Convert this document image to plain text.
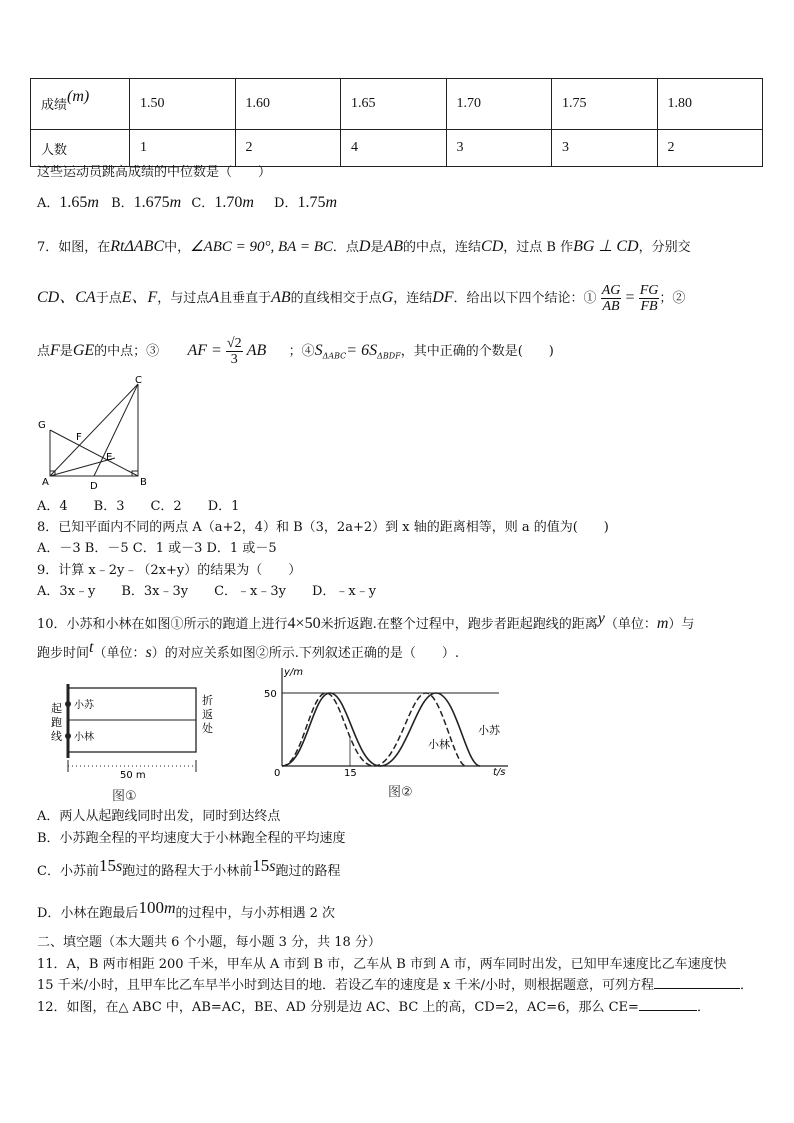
成绩(m)	1.50	1.60	1.65	1.70	1.75	1.80
人数	1	2	4	3	3	2
这些运动员跳高成绩的中位数是（　　）
A．1.65m B．1.675m C．1.70m D．1.75m
7．如图，在RtΔABC中，∠ABC = 90°, BA = BC．点D是AB的中点，连结CD，过点 B 作BG ⊥ CD，分别交
CD、CA于点E、F，与过点A且垂直于AB的直线相交于点G，连结DF．给出以下四个结论：① $\frac{AG}{AB} = \frac{FG}{FB}$ ；②
点F是GE的中点；③ AF = $\frac{√2}{3}$ AB ；$④S_{\Delta ABC}= 6S_{\Delta BDF}$，其中正确的个数是(　　)
C
G
F
E
A	D	B
A．4　　B．3　　C．2　　D．1
8．已知平面内不同的两点 A（a+2，4）和 B（3，2a+2）到 x 轴的距离相等，则 a 的值为(　　)
A．－3 B．－5 C．1 或－3 D．1 或－5
9．计算 x﹣2y﹣（2x+y）的结果为（　　）
A．3x﹣y　　B．3x﹣3y　　C．﹣x﹣3y　　D．﹣x﹣y
10．小苏和小林在如图①所示的跑道上进行4×50米折返跑.在整个过程中，跑步者距起跑线的距离y（单位：m）与
跑步时间t（单位：s）的对应关系如图②所示.下列叙述正确的是（　　）.
起
跑
线
折
返
处
小苏
小林
50 m
图①
y/m
t/s
50
15
0
小苏
小林
图②
A．两人从起跑线同时出发，同时到达终点
B．小苏跑全程的平均速度大于小林跑全程的平均速度
C．小苏前15s跑过的路程大于小林前15s跑过的路程
D．小林在跑最后100m的过程中，与小苏相遇 2 次
二、填空题（本大题共 6 个小题，每小题 3 分，共 18 分）
11．A，B 两市相距 200 千米，甲车从 A 市到 B 市，乙车从 B 市到 A 市，两车同时出发，已知甲车速度比乙车速度快
15 千米/小时，且甲车比乙车早半小时到达目的地．若设乙车的速度是 x 千米/小时，则根据题意，可列方程	．
12．如图，在△ ABC 中，AB=AC，BE、AD 分别是边 AC、BC 上的高，CD=2，AC=6，那么 CE=	．
